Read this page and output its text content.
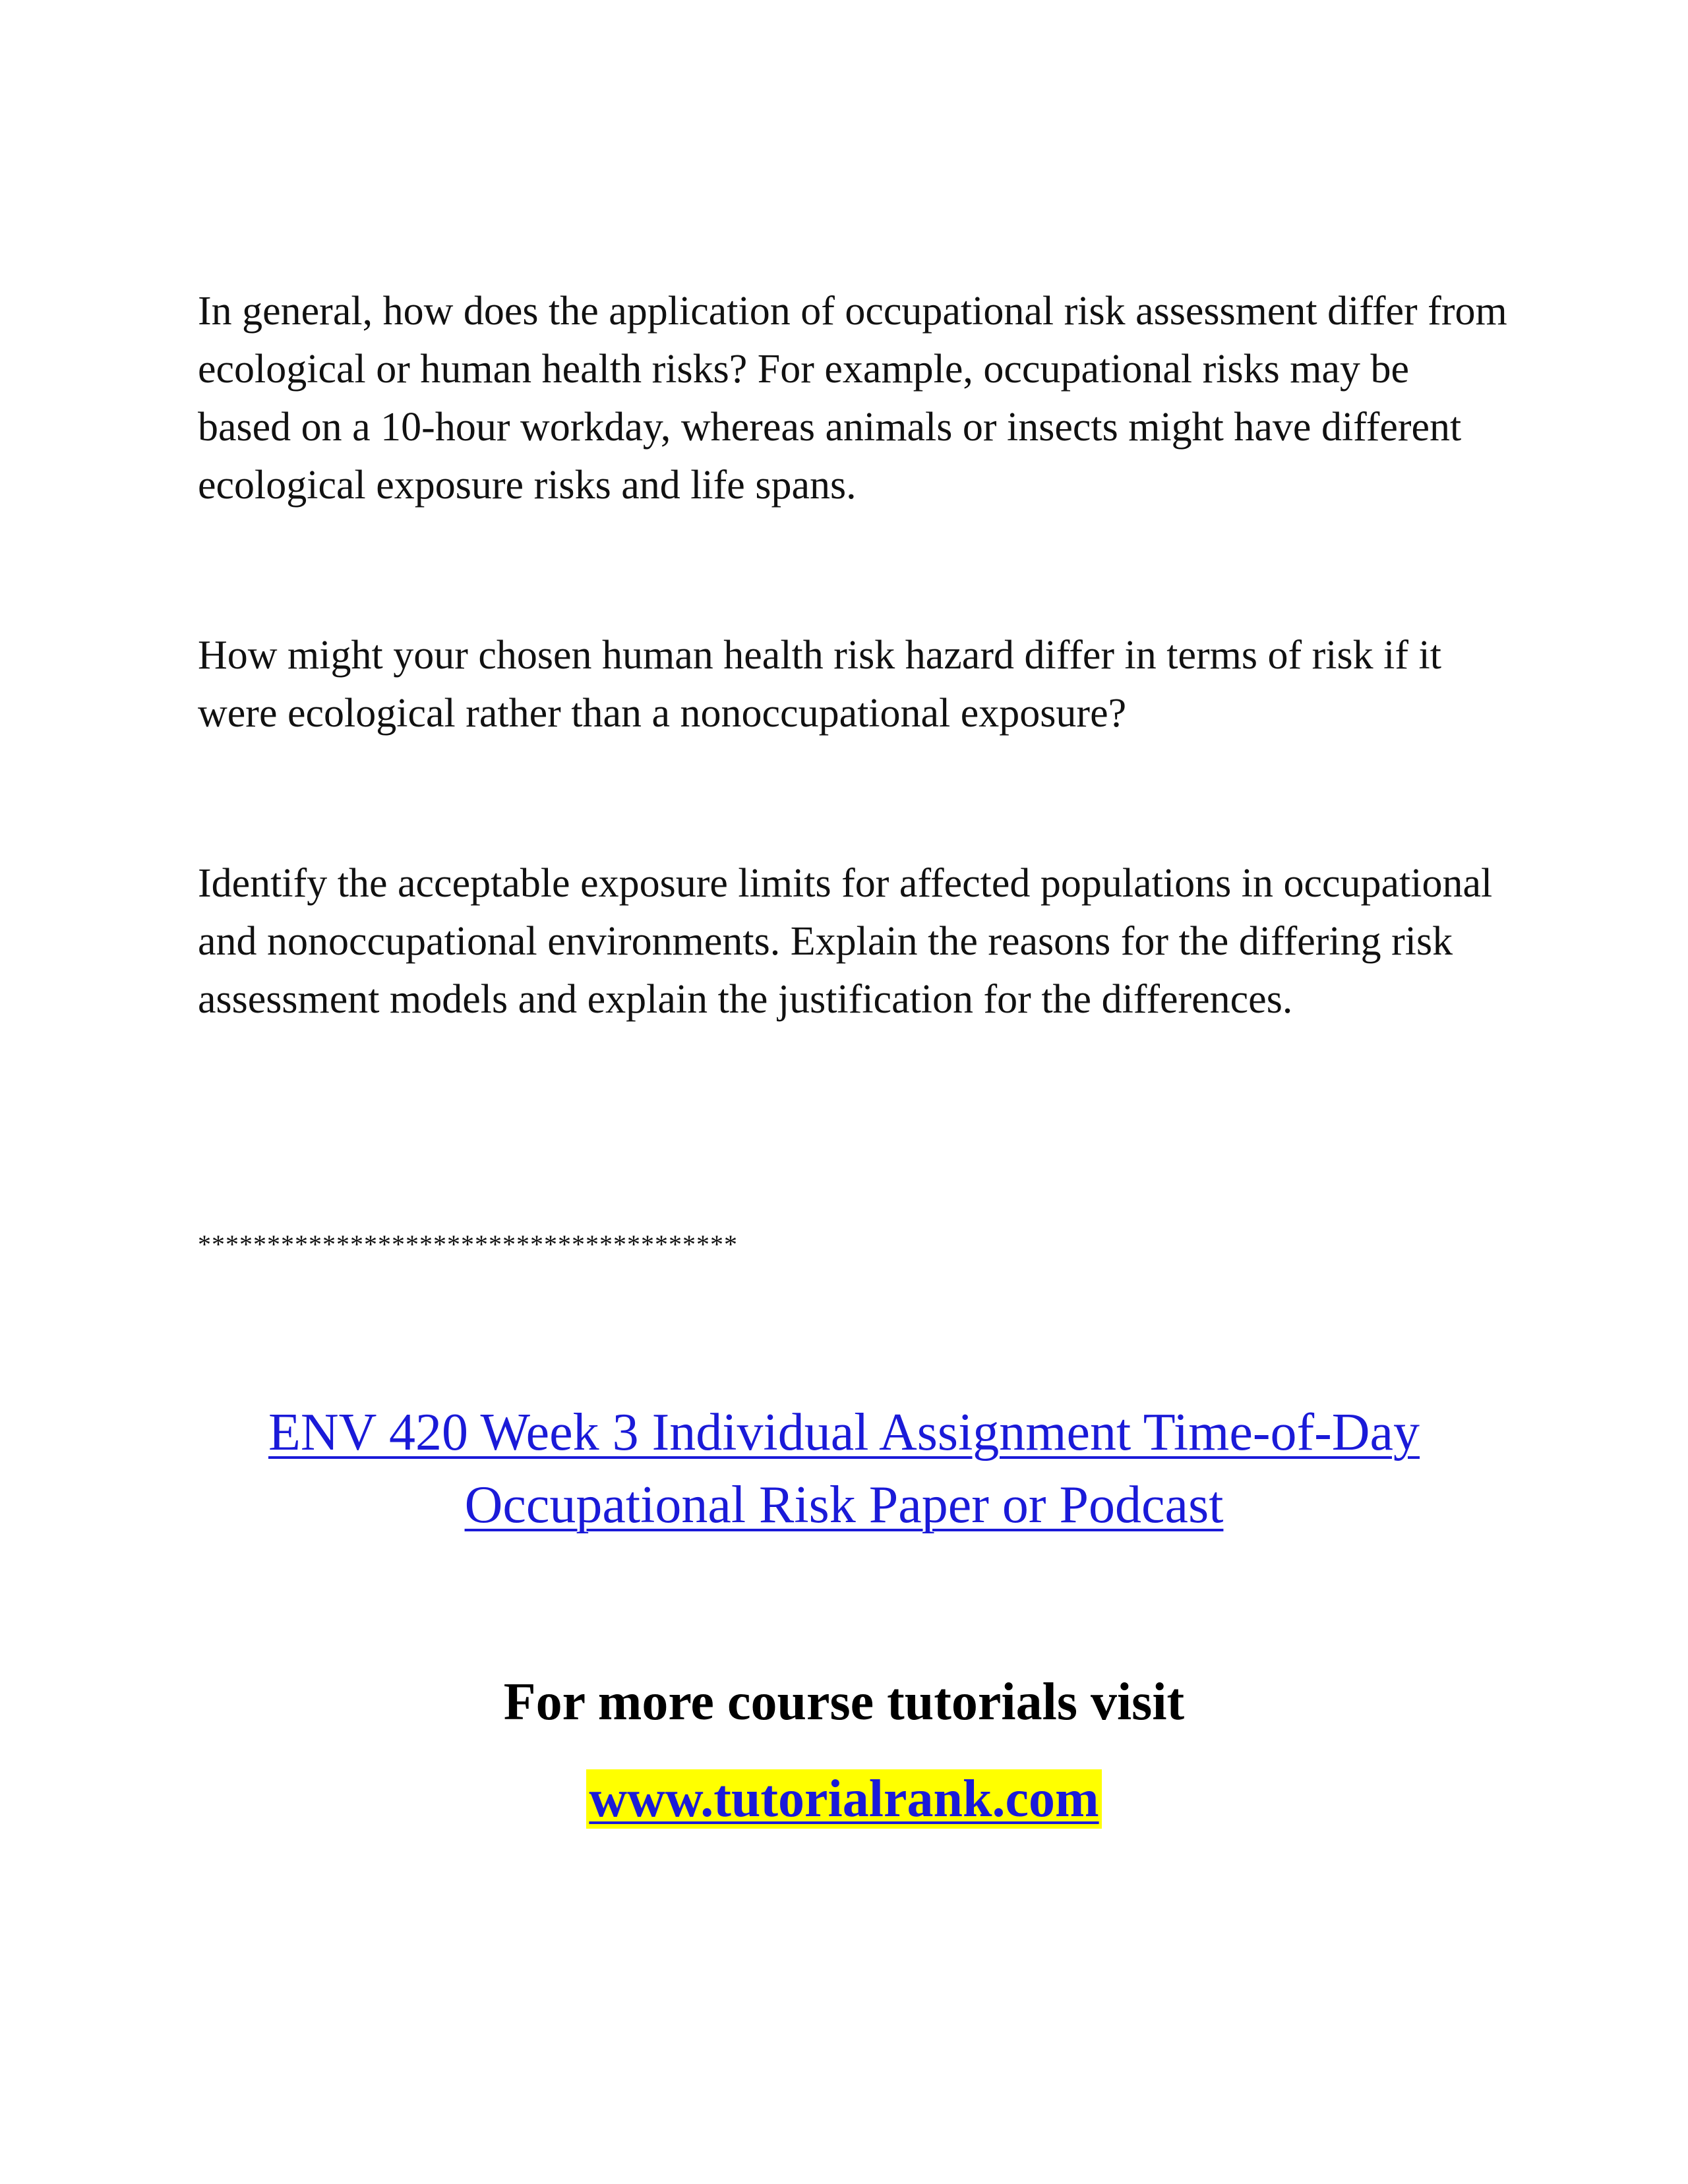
In general, how does the application of occupational risk assessment differ from ecological or human health risks? For example, occupational risks may be based on a 10-hour workday, whereas animals or insects might have different ecological exposure risks and life spans.

How might your chosen human health risk hazard differ in terms of risk if it were ecological rather than a nonoccupational exposure?

Identify the acceptable exposure limits for affected populations in occupational and nonoccupational environments. Explain the reasons for the differing risk assessment models and explain the justification for the differences.

***************************************

ENV 420 Week 3 Individual Assignment Time-of-Day Occupational Risk Paper or Podcast

For more course tutorials visit

www.tutorialrank.com
